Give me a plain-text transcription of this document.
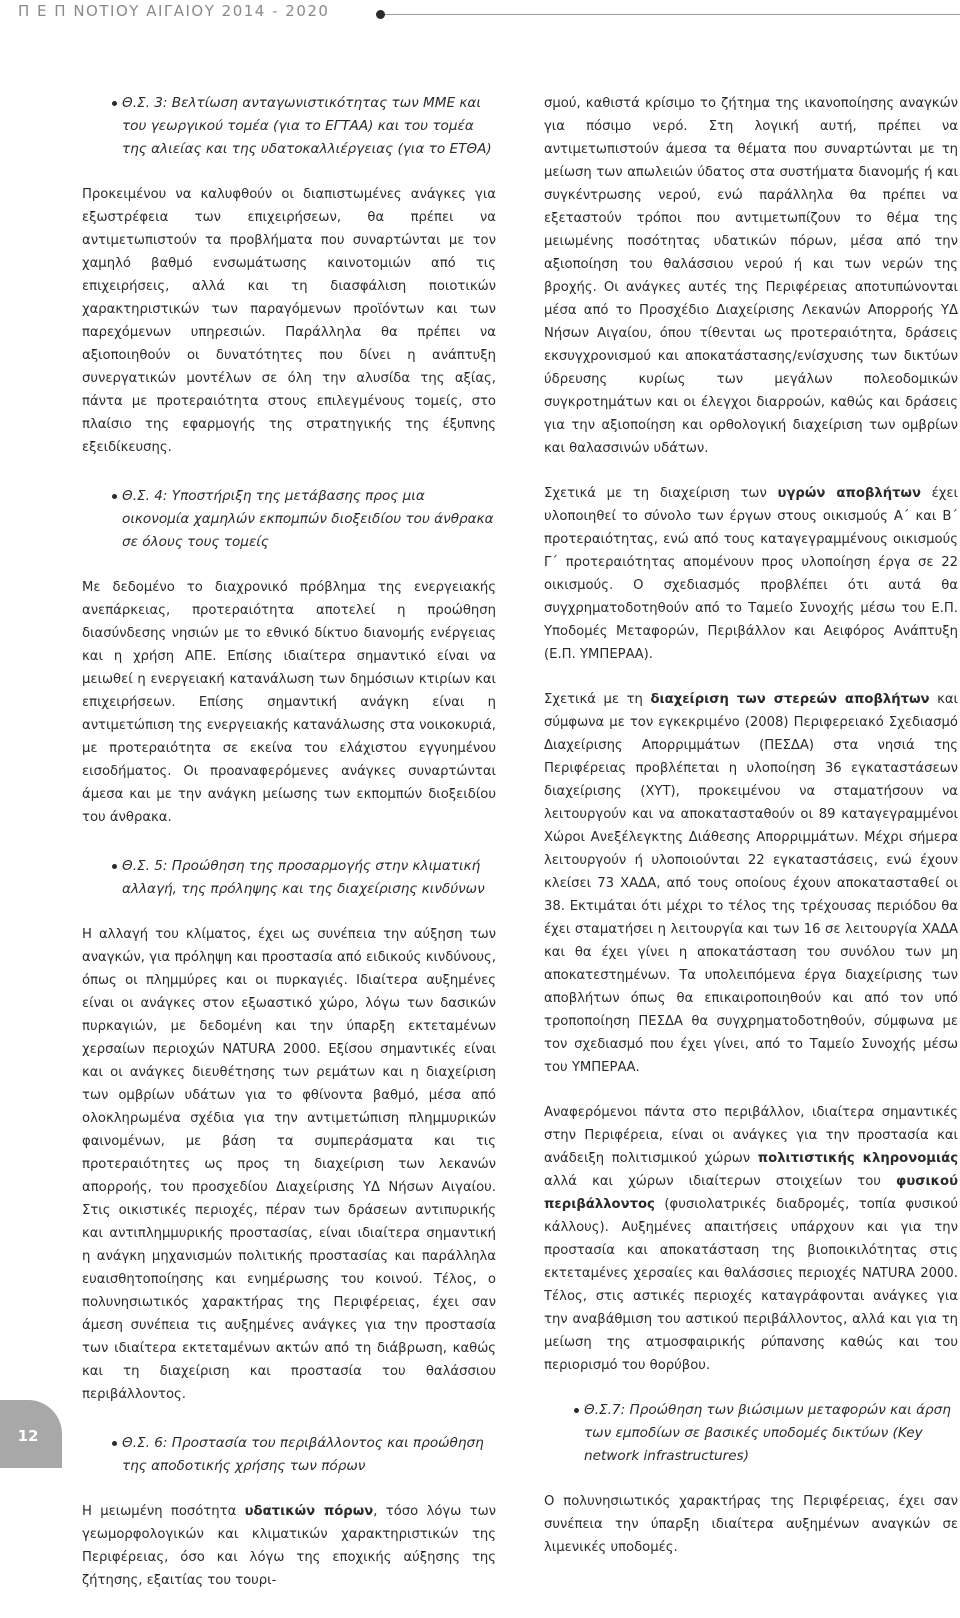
Π Ε Π ΝΟΤΙΟΥ ΑΙΓΑΙΟΥ 2014 - 2020
Θ.Σ. 3: Βελτίωση ανταγωνιστικότητας των ΜΜΕ και του γεωργικού τομέα (για το ΕΓΤΑΑ) και του τομέα της αλιείας και της υδατοκαλλιέργειας (για το ΕΤΘΑ)

Προκειμένου να καλυφθούν οι διαπιστωμένες ανάγκες για εξωστρέφεια των επιχειρήσεων, θα πρέπει να αντιμετωπιστούν τα προβλήματα που συναρτώνται με τον χαμηλό βαθμό ενσωμάτωσης καινοτομιών από τις επιχειρήσεις, αλλά και τη διασφάλιση ποιοτικών χαρακτηριστικών των παραγόμενων προϊόντων και των παρεχόμενων υπηρεσιών. Παράλληλα θα πρέπει να αξιοποιηθούν οι δυνατότητες που δίνει η ανάπτυξη συνεργατικών μοντέλων σε όλη την αλυσίδα της αξίας, πάντα με προτεραιότητα στους επιλεγμένους τομείς, στο πλαίσιο της εφαρμογής της στρατηγικής της έξυπνης εξειδίκευσης.

Θ.Σ. 4: Υποστήριξη της μετάβασης προς μια οικονομία χαμηλών εκπομπών διοξειδίου του άνθρακα σε όλους τους τομείς

Με δεδομένο το διαχρονικό πρόβλημα της ενεργειακής ανεπάρκειας, προτεραιότητα αποτελεί η προώθηση διασύνδεσης νησιών με το εθνικό δίκτυο διανομής ενέργειας και η χρήση ΑΠΕ. Επίσης ιδιαίτερα σημαντικό είναι να μειωθεί η ενεργειακή κατανάλωση των δημόσιων κτιρίων και επιχειρήσεων. Επίσης σημαντική ανάγκη είναι η αντιμετώπιση της ενεργειακής κατανάλωσης στα νοικοκυριά, με προτεραιότητα σε εκείνα του ελάχιστου εγγυημένου εισοδήματος. Οι προαναφερόμενες ανάγκες συναρτώνται άμεσα και με την ανάγκη μείωσης των εκπομπών διοξειδίου του άνθρακα.

Θ.Σ. 5: Προώθηση της προσαρμογής στην κλιματική αλλαγή, της πρόληψης και της διαχείρισης κινδύνων

Η αλλαγή του κλίματος, έχει ως συνέπεια την αύξηση των αναγκών, για πρόληψη και προστασία από ειδικούς κινδύνους, όπως οι πλημμύρες και οι πυρκαγιές. Ιδιαίτερα αυξημένες είναι οι ανάγκες στον εξωαστικό χώρο, λόγω των δασικών πυρκαγιών, με δεδομένη και την ύπαρξη εκτεταμένων χερσαίων περιοχών NATURA 2000. Εξίσου σημαντικές είναι και οι ανάγκες διευθέτησης των ρεμάτων και η διαχείριση των ομβρίων υδάτων για το φθίνοντα βαθμό, μέσα από ολοκληρωμένα σχέδια για την αντιμετώπιση πλημμυρικών φαινομένων, με βάση τα συμπεράσματα και τις προτεραιότητες ως προς τη διαχείριση των λεκανών απορροής, του προσχεδίου Διαχείρισης ΥΔ Νήσων Αιγαίου. Στις οικιστικές περιοχές, πέραν των δράσεων αντιπυρικής και αντιπλημμυρικής προστασίας, είναι ιδιαίτερα σημαντική η ανάγκη μηχανισμών πολιτικής προστασίας και παράλληλα ευαισθητοποίησης και ενημέρωσης του κοινού. Τέλος, ο πολυνησιωτικός χαρακτήρας της Περιφέρειας, έχει σαν άμεση συνέπεια τις αυξημένες ανάγκες για την προστασία των ιδιαίτερα εκτεταμένων ακτών από τη διάβρωση, καθώς και τη διαχείριση και προστασία του θαλάσσιου περιβάλλοντος.

Θ.Σ. 6: Προστασία του περιβάλλοντος και προώθηση της αποδοτικής χρήσης των πόρων

Η μειωμένη ποσότητα υδατικών πόρων, τόσο λόγω των γεωμορφολογικών και κλιματικών χαρακτηριστικών της Περιφέρειας, όσο και λόγω της εποχικής αύξησης της ζήτησης, εξαιτίας του τουρι-

σμού, καθιστά κρίσιμο το ζήτημα της ικανοποίησης αναγκών για πόσιμο νερό. Στη λογική αυτή, πρέπει να αντιμετωπιστούν άμεσα τα θέματα που συναρτώνται με τη μείωση των απωλειών ύδατος στα συστήματα διανομής ή και συγκέντρωσης νερού, ενώ παράλληλα θα πρέπει να εξεταστούν τρόποι που αντιμετωπίζουν το θέμα της μειωμένης ποσότητας υδατικών πόρων, μέσα από την αξιοποίηση του θαλάσσιου νερού ή και των νερών της βροχής. Οι ανάγκες αυτές της Περιφέρειας αποτυπώνονται μέσα από το Προσχέδιο Διαχείρισης Λεκανών Απορροής ΥΔ Νήσων Αιγαίου, όπου τίθενται ως προτεραιότητα, δράσεις εκσυγχρονισμού και αποκατάστασης/ενίσχυσης των δικτύων ύδρευσης κυρίως των μεγάλων πολεοδομικών συγκροτημάτων και οι έλεγχοι διαρροών, καθώς και δράσεις για την αξιοποίηση και ορθολογική διαχείριση των ομβρίων και θαλασσινών υδάτων.

Σχετικά με τη διαχείριση των υγρών αποβλήτων έχει υλοποιηθεί το σύνολο των έργων στους οικισμούς Α΄ και Β΄ προτεραιότητας, ενώ από τους καταγεγραμμένους οικισμούς Γ΄ προτεραιότητας απομένουν προς υλοποίηση έργα σε 22 οικισμούς. Ο σχεδιασμός προβλέπει ότι αυτά θα συγχρηματοδοτηθούν από το Ταμείο Συνοχής μέσω του Ε.Π. Υποδομές Μεταφορών, Περιβάλλον και Αειφόρος Ανάπτυξη (Ε.Π. ΥΜΠΕΡΑΑ).

Σχετικά με τη διαχείριση των στερεών αποβλήτων και σύμφωνα με τον εγκεκριμένο (2008) Περιφερειακό Σχεδιασμό Διαχείρισης Απορριμμάτων (ΠΕΣΔΑ) στα νησιά της Περιφέρειας προβλέπεται η υλοποίηση 36 εγκαταστάσεων διαχείρισης (ΧΥΤ), προκειμένου να σταματήσουν να λειτουργούν και να αποκατασταθούν οι 89 καταγεγραμμένοι Χώροι Ανεξέλεγκτης Διάθεσης Απορριμμάτων. Μέχρι σήμερα λειτουργούν ή υλοποιούνται 22 εγκαταστάσεις, ενώ έχουν κλείσει 73 ΧΑΔΑ, από τους οποίους έχουν αποκατασταθεί οι 38. Εκτιμάται ότι μέχρι το τέλος της τρέχουσας περιόδου θα έχει σταματήσει η λειτουργία και των 16 σε λειτουργία ΧΑΔΑ και θα έχει γίνει η αποκατάσταση του συνόλου των μη αποκατεστημένων. Τα υπολειπόμενα έργα διαχείρισης των αποβλήτων όπως θα επικαιροποιηθούν και από τον υπό τροποποίηση ΠΕΣΔΑ θα συγχρηματοδοτηθούν, σύμφωνα με τον σχεδιασμό που έχει γίνει, από το Ταμείο Συνοχής μέσω του ΥΜΠΕΡΑΑ.

Αναφερόμενοι πάντα στο περιβάλλον, ιδιαίτερα σημαντικές στην Περιφέρεια, είναι οι ανάγκες για την προστασία και ανάδειξη πολιτισμικού χώρων πολιτιστικής κληρονομιάς αλλά και χώρων ιδιαίτερων στοιχείων του φυσικού περιβάλλοντος (φυσιολατρικές διαδρομές, τοπία φυσικού κάλλους). Αυξημένες απαιτήσεις υπάρχουν και για την προστασία και αποκατάσταση της βιοποικιλότητας στις εκτεταμένες χερσαίες και θαλάσσιες περιοχές NATURA 2000. Τέλος, στις αστικές περιοχές καταγράφονται ανάγκες για την αναβάθμιση του αστικού περιβάλλοντος, αλλά και για τη μείωση της ατμοσφαιρικής ρύπανσης καθώς και του περιορισμό του θορύβου.

Θ.Σ.7: Προώθηση των βιώσιμων μεταφορών και άρση των εμποδίων σε βασικές υποδομές δικτύων (Key network infrastructures)

Ο πολυνησιωτικός χαρακτήρας της Περιφέρειας, έχει σαν συνέπεια την ύπαρξη ιδιαίτερα αυξημένων αναγκών σε λιμενικές υποδομές.

12
